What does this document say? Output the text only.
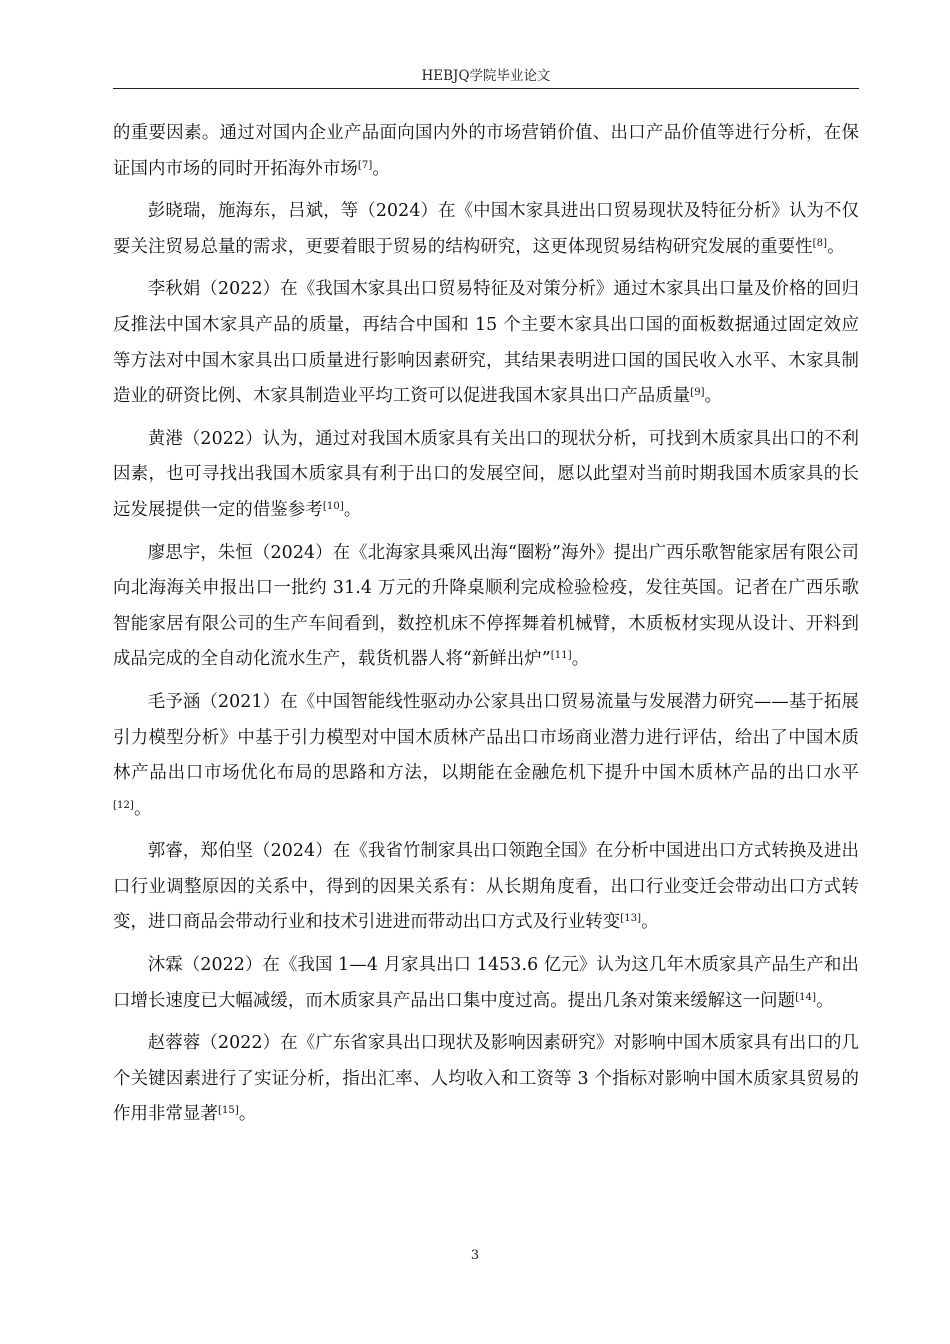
HEBJQ学院毕业论文

的重要因素。通过对国内企业产品面向国内外的市场营销价值、出口产品价值等进行分析，在保证国内市场的同时开拓海外市场[7]。

彭晓瑞，施海东，吕斌，等（2024）在《中国木家具进出口贸易现状及特征分析》认为不仅要关注贸易总量的需求，更要着眼于贸易的结构研究，这更体现贸易结构研究发展的重要性[8]。

李秋娟（2022）在《我国木家具出口贸易特征及对策分析》通过木家具出口量及价格的回归反推法中国木家具产品的质量，再结合中国和 15 个主要木家具出口国的面板数据通过固定效应等方法对中国木家具出口质量进行影响因素研究，其结果表明进口国的国民收入水平、木家具制造业的研资比例、木家具制造业平均工资可以促进我国木家具出口产品质量[9]。

黄港（2022）认为，通过对我国木质家具有关出口的现状分析，可找到木质家具出口的不利因素，也可寻找出我国木质家具有利于出口的发展空间，愿以此望对当前时期我国木质家具的长远发展提供一定的借鉴参考[10]。

廖思宇，朱恒（2024）在《北海家具乘风出海“圈粉”海外》提出广西乐歌智能家居有限公司向北海海关申报出口一批约 31.4 万元的升降桌顺利完成检验检疫，发往英国。记者在广西乐歌智能家居有限公司的生产车间看到，数控机床不停挥舞着机械臂，木质板材实现从设计、开料到成品完成的全自动化流水生产，载货机器人将“新鲜出炉”[11]。

毛予涵（2021）在《中国智能线性驱动办公家具出口贸易流量与发展潜力研究——基于拓展引力模型分析》中基于引力模型对中国木质林产品出口市场商业潜力进行评估，给出了中国木质林产品出口市场优化布局的思路和方法，以期能在金融危机下提升中国木质林产品的出口水平[12]。

郭睿，郑伯坚（2024）在《我省竹制家具出口领跑全国》在分析中国进出口方式转换及进出口行业调整原因的关系中，得到的因果关系有：从长期角度看，出口行业变迁会带动出口方式转变，进口商品会带动行业和技术引进进而带动出口方式及行业转变[13]。

沐霖（2022）在《我国 1—4 月家具出口 1453.6 亿元》认为这几年木质家具产品生产和出口增长速度已大幅减缓，而木质家具产品出口集中度过高。提出几条对策来缓解这一问题[14]。

赵蓉蓉（2022）在《广东省家具出口现状及影响因素研究》对影响中国木质家具有出口的几个关键因素进行了实证分析，指出汇率、人均收入和工资等 3 个指标对影响中国木质家具贸易的作用非常显著[15]。

3
